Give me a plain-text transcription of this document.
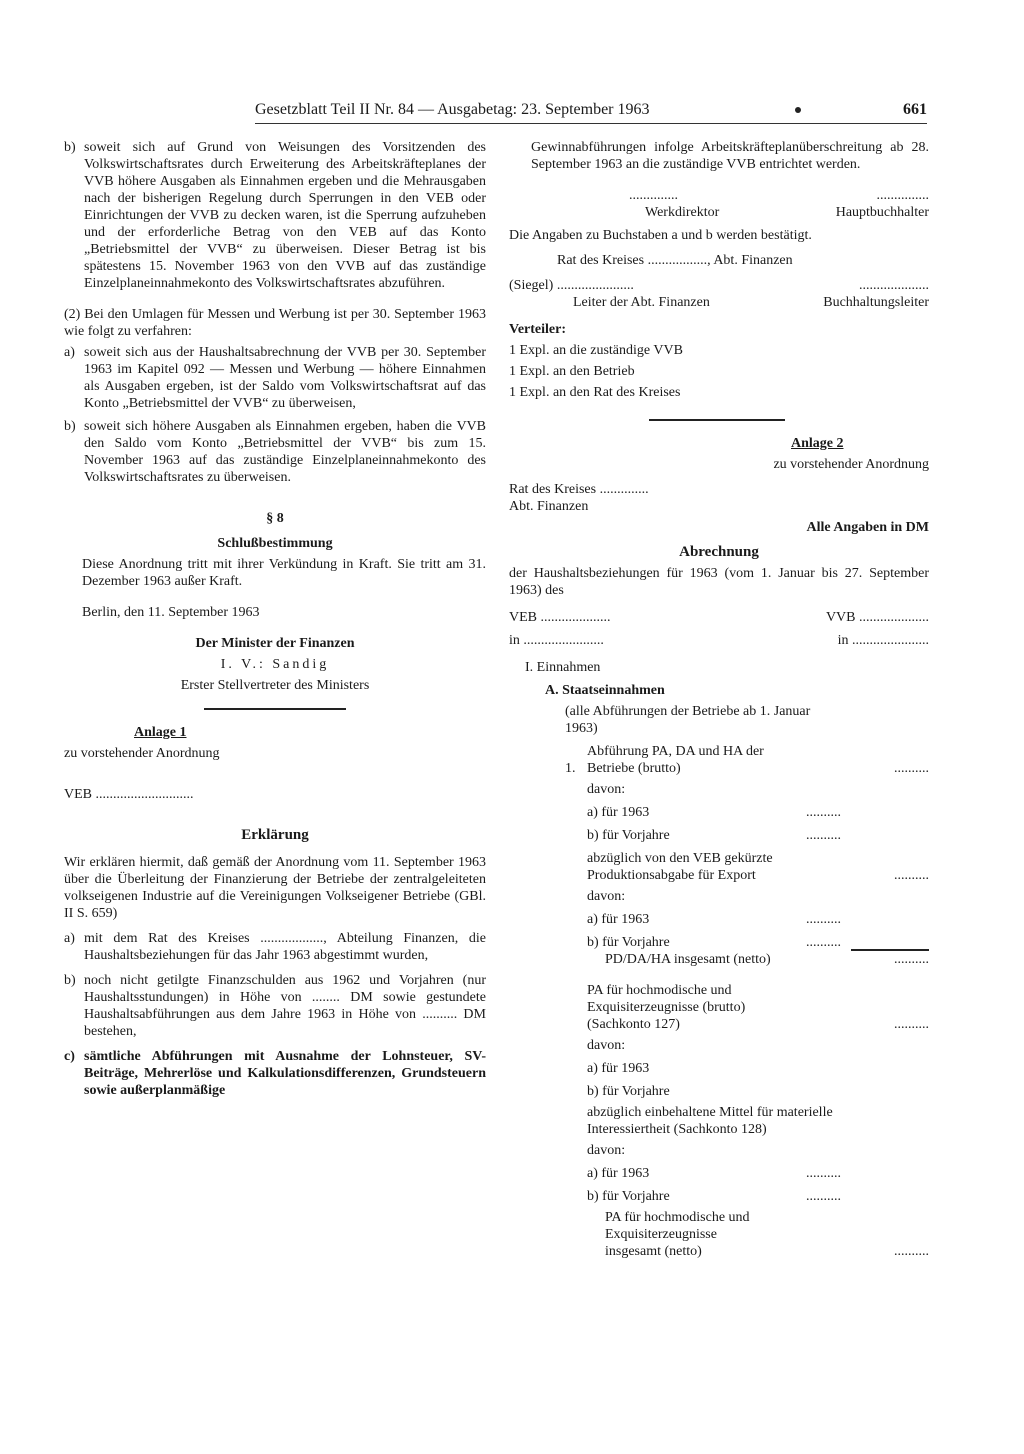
Gesetzblatt Teil II Nr. 84 — Ausgabetag: 23. September 1963	661
b) soweit sich auf Grund von Weisungen des Vorsitzenden des Volkswirtschaftsrates durch Erweiterung des Arbeitskräfteplanes der VVB höhere Ausgaben als Einnahmen ergeben und die Mehrausgaben nach der bisherigen Regelung durch Sperrungen in den VEB oder Einrichtungen der VVB zu decken waren, ist die Sperrung aufzuheben und der erforderliche Betrag von den VEB auf das Konto „Betriebsmittel der VVB“ zu überweisen. Dieser Betrag ist bis spätestens 15. November 1963 von den VVB auf das zuständige Einzelplaneinnahmekonto des Volkswirtschaftsrates abzuführen.

(2) Bei den Umlagen für Messen und Werbung ist per 30. September 1963 wie folgt zu verfahren:

a) soweit sich aus der Haushaltsabrechnung der VVB per 30. September 1963 im Kapitel 092 — Messen und Werbung — höhere Einnahmen als Ausgaben ergeben, ist der Saldo vom Volkswirtschaftsrat auf das Konto „Betriebsmittel der VVB“ zu überweisen,
b) soweit sich höhere Ausgaben als Einnahmen ergeben, haben die VVB den Saldo vom Konto „Betriebsmittel der VVB“ bis zum 15. November 1963 auf das zuständige Einzelplaneinnahmekonto des Volkswirtschaftsrates zu überweisen.

§ 8

Schlußbestimmung

Diese Anordnung tritt mit ihrer Verkündung in Kraft. Sie tritt am 31. Dezember 1963 außer Kraft.

Berlin, den 11. September 1963

Der Minister der Finanzen

I. V.: Sandig

Erster Stellvertreter des Ministers

Anlage 1

zu vorstehender Anordnung

VEB ............................

Erklärung

Wir erklären hiermit, daß gemäß der Anordnung vom 11. September 1963 über die Überleitung der Finanzierung der Betriebe der zentralgeleiteten volkseigenen Industrie auf die Vereinigungen Volkseigener Betriebe (GBl. II S. 659)

a) mit dem Rat des Kreises .................., Abteilung Finanzen, die Haushaltsbeziehungen für das Jahr 1963 abgestimmt wurden,
b) noch nicht getilgte Finanzschulden aus 1962 und Vorjahren (nur Haushaltsstundungen) in Höhe von ........ DM sowie gestundete Haushaltsabführungen aus dem Jahre 1963 in Höhe von .......... DM bestehen,
c) sämtliche Abführungen mit Ausnahme der Lohnsteuer, SV-Beiträge, Mehrerlöse und Kalkulationsdifferenzen, Grundsteuern sowie außerplanmäßige

Gewinnabführungen infolge Arbeitskräfteplanüberschreitung ab 28. September 1963 an die zuständige VVB entrichtet werden.

..............	...............
Werkdirektor	Hauptbuchhalter

Die Angaben zu Buchstaben a und b werden bestätigt.

Rat des Kreises ................., Abt. Finanzen

(Siegel) ......................	....................
Leiter der Abt. Finanzen	Buchhaltungsleiter

Verteiler:

1 Expl. an die zuständige VVB

1 Expl. an den Betrieb

1 Expl. an den Rat des Kreises

Anlage 2

zu vorstehender Anordnung

Rat des Kreises ..............

Abt. Finanzen

Alle Angaben in DM

Abrechnung

der Haushaltsbeziehungen für 1963 (vom 1. Januar bis 27. September 1963) des

VEB ....................	VVB ....................
in .......................	in ......................

I. Einnahmen

A. Staatseinnahmen

(alle Abführungen der Betriebe ab 1. Januar 1963)

1.
Abführung PA, DA und HA der Betriebe (brutto)	..........

davon:

a) für 1963	..........
b) für Vorjahre	..........
abzüglich von den VEB gekürzte Produktionsabgabe für Export	..........

davon:

a) für 1963	..........
b) für Vorjahre	..........
PD/DA/HA insgesamt (netto)	..........
PA für hochmodische und Exquisiterzeugnisse (brutto) (Sachkonto 127)	..........

davon:

a) für 1963
b) für Vorjahre

abzüglich einbehaltene Mittel für materielle Interessiertheit (Sachkonto 128)

davon:

a) für 1963	..........
b) für Vorjahre	..........
PA für hochmodische und Exquisiterzeugnisse insgesamt (netto)	..........
